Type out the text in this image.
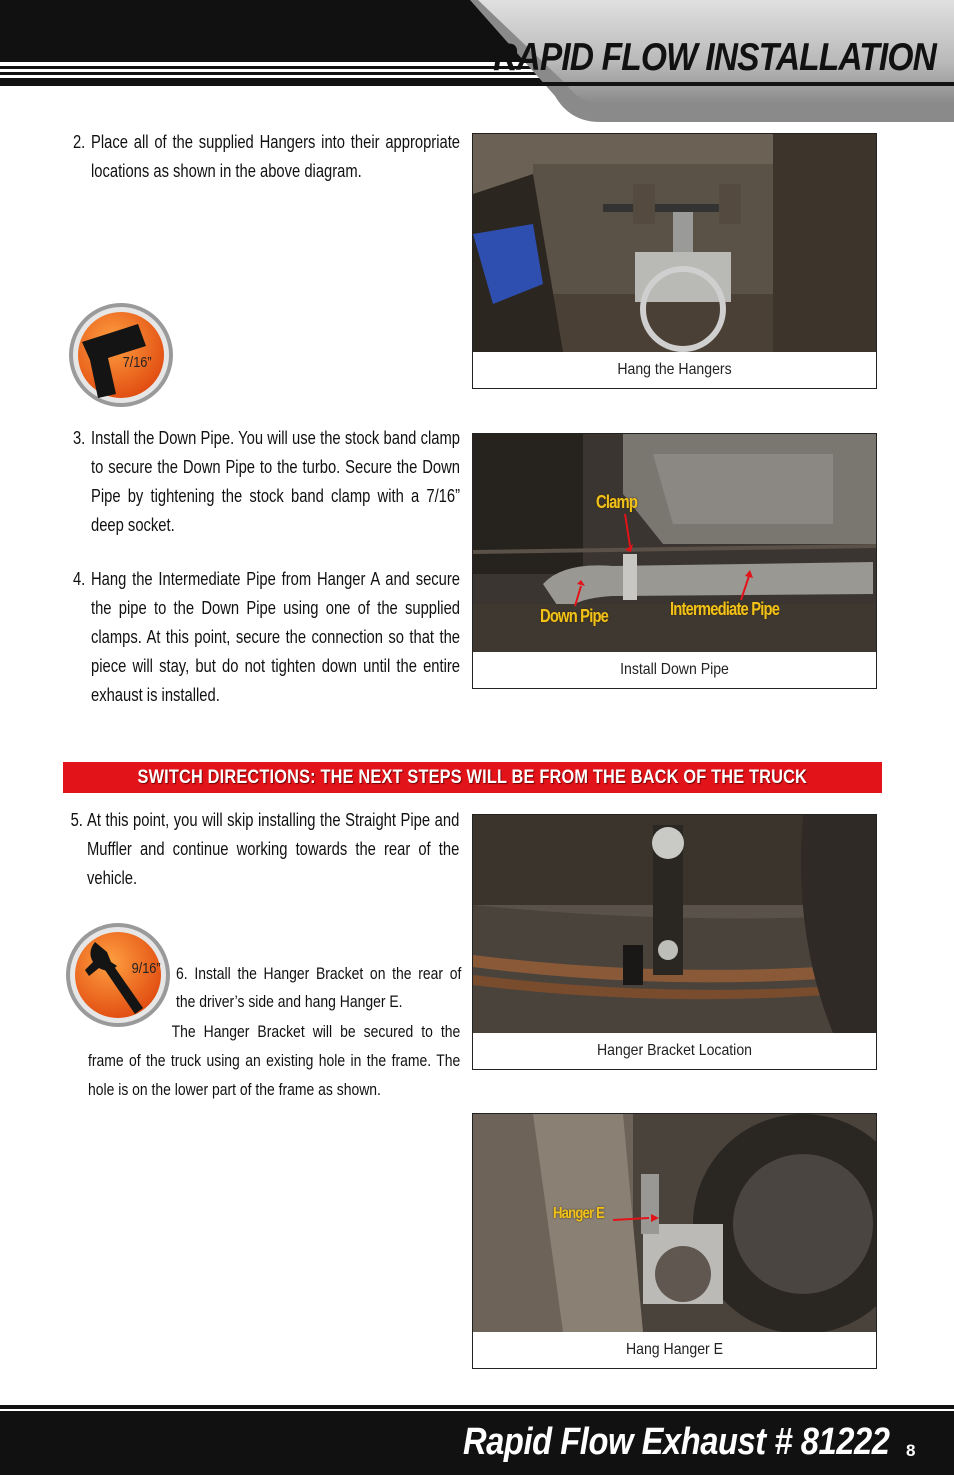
RAPID FLOW INSTALLATION
2. Place all of the supplied Hangers into their appropriate locations as shown in the above diagram.
7/16”	Hang the Hangers
3. Install the Down Pipe. You will use the stock band clamp to secure the Down Pipe to the turbo. Secure the Down Pipe by tightening the stock band clamp with a 7/16” deep socket.
4. Hang the Intermediate Pipe from Hanger A and secure the pipe to the Down Pipe using one of the supplied clamps. At this point, secure the connection so that the piece will stay, but do not tighten down until the entire exhaust is installed.
Clamp
Down Pipe	Intermediate Pipe
Install Down Pipe
SWITCH DIRECTIONS: THE NEXT STEPS WILL BE FROM THE BACK OF THE TRUCK
5. At this point, you will skip installing the Straight Pipe and Muffler and continue working towards the rear of the vehicle.
9/16” 6. Install the Hanger Bracket on the rear of the driver’s side and hang Hanger E.
The Hanger Bracket will be secured to the frame of the truck using an existing hole in the frame. The hole is on the lower part of the frame as shown.
Hanger Bracket Location
Hanger E
Hang Hanger E
Rapid Flow Exhaust # 81222 8
